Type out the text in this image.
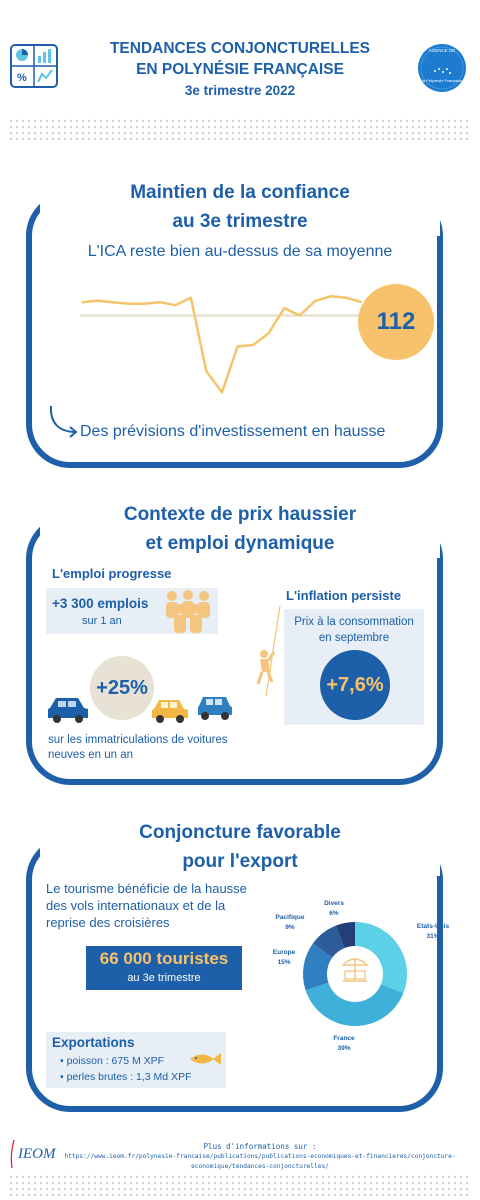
%
TENDANCES CONJONCTURELLES
EN POLYNÉSIE FRANÇAISE
3e trimestre 2022
AGENCE DE
la Polynésie Française
Maintien de la confiance
au 3e trimestre
L'ICA reste bien au-dessus de sa moyenne
112
Des prévisions d'investissement en hausse
Contexte de prix haussier
et emploi dynamique
L'emploi progresse
+3 300 emplois
sur 1 an
L'inflation persiste
Prix à la consommation
en septembre
+7,6%
+25%
sur les immatriculations de voitures
neuves en un an
Conjoncture favorable
pour l'export
Le tourisme bénéficie de la hausse
des vols internationaux et de la
reprise des croisières
66 000 touristes
au 3e trimestre
Etats-Unis
31%
France
39%
Europe
15%
Pacifique
9%
Divers
6%
Exportations
• poisson : 675 M XPF
• perles brutes : 1,3 Md XPF
IEOM	Plus d'informations sur :
https://www.ieom.fr/polynesie-francaise/publications/publications-economiques-et-financieres/conjoncture-
economique/tendances-conjoncturelles/
